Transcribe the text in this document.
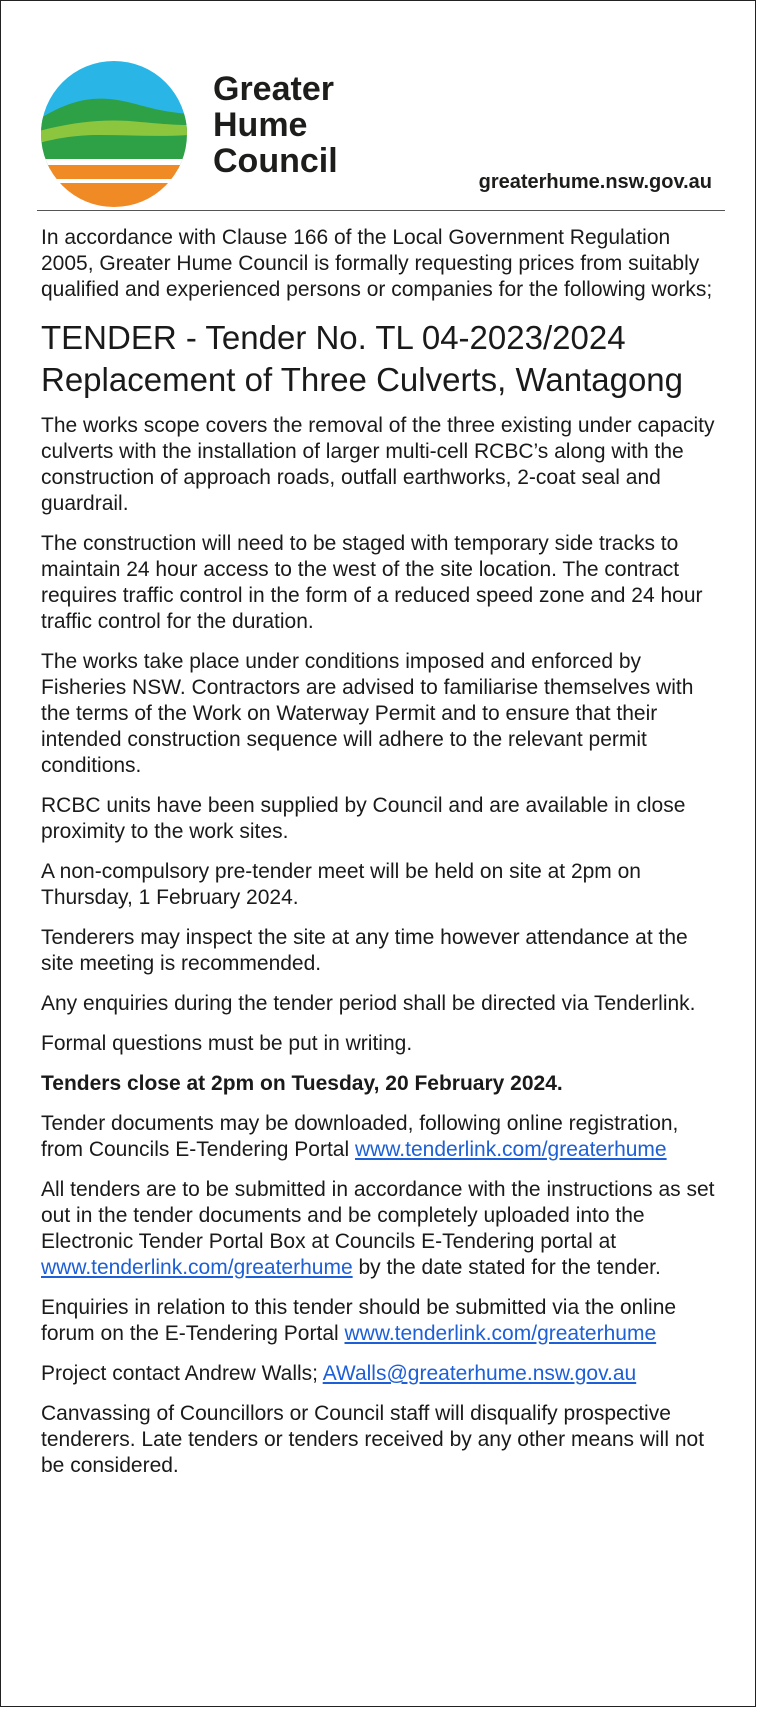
Greater
Hume
Council
greaterhume.nsw.gov.au

In accordance with Clause 166 of the Local Government Regulation 2005, Greater Hume Council is formally requesting prices from suitably qualified and experienced persons or companies for the following works;

TENDER - Tender No. TL 04-2023/2024
Replacement of Three Culverts, Wantagong

The works scope covers the removal of the three existing under capacity culverts with the installation of larger multi-cell RCBC’s along with the construction of approach roads, outfall earthworks, 2-coat seal and guardrail.

The construction will need to be staged with temporary side tracks to maintain 24 hour access to the west of the site location. The contract requires traffic control in the form of a reduced speed zone and 24 hour traffic control for the duration.

The works take place under conditions imposed and enforced by Fisheries NSW. Contractors are advised to familiarise themselves with the terms of the Work on Waterway Permit and to ensure that their intended construction sequence will adhere to the relevant permit conditions.

RCBC units have been supplied by Council and are available in close proximity to the work sites.

A non-compulsory pre-tender meet will be held on site at 2pm on Thursday, 1 February 2024.

Tenderers may inspect the site at any time however attendance at the site meeting is recommended.

Any enquiries during the tender period shall be directed via Tenderlink.

Formal questions must be put in writing.

Tenders close at 2pm on Tuesday, 20 February 2024.

Tender documents may be downloaded, following online registration, from Councils E-Tendering Portal www.tenderlink.com/greaterhume

All tenders are to be submitted in accordance with the instructions as set out in the tender documents and be completely uploaded into the Electronic Tender Portal Box at Councils E-Tendering portal at www.tenderlink.com/greaterhume by the date stated for the tender.

Enquiries in relation to this tender should be submitted via the online forum on the E-Tendering Portal www.tenderlink.com/greaterhume

Project contact Andrew Walls; AWalls@greaterhume.nsw.gov.au

Canvassing of Councillors or Council staff will disqualify prospective tenderers. Late tenders or tenders received by any other means will not be considered.
